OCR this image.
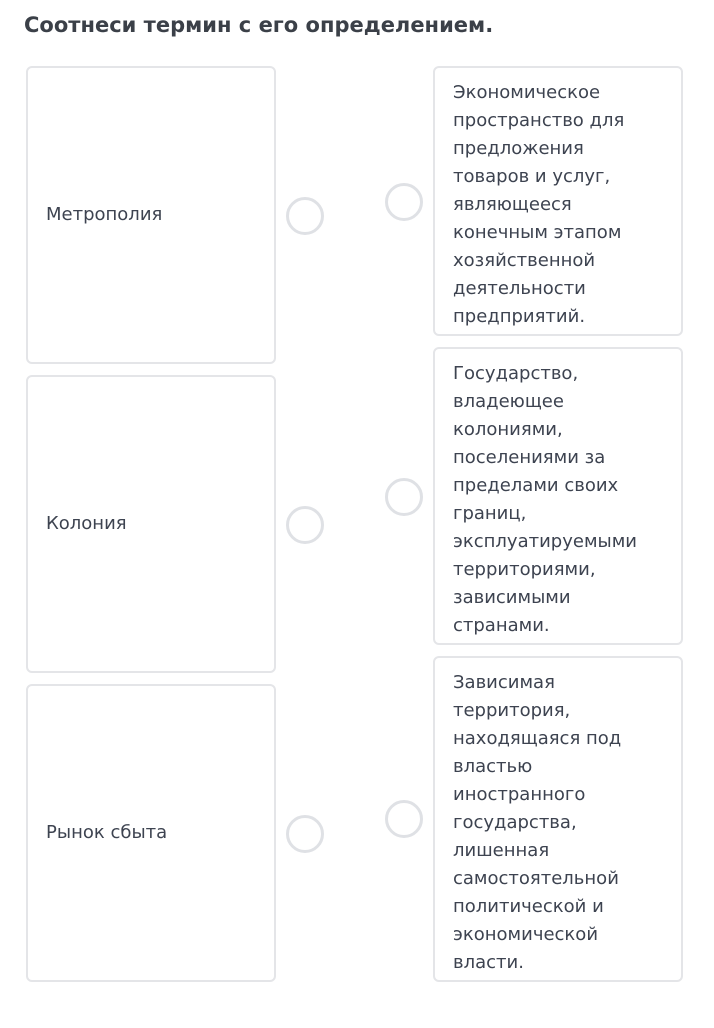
Соотнеси термин с его определением.
Метрополия
Колония
Рынок сбыта
Экономическое
пространство для
предложения
товаров и услуг,
являющееся
конечным этапом
хозяйственной
деятельности
предприятий.
Государство,
владеющее
колониями,
поселениями за
пределами своих
границ,
эксплуатируемыми
территориями,
зависимыми
странами.
Зависимая
территория,
находящаяся под
властью
иностранного
государства,
лишенная
самостоятельной
политической и
экономической
власти.
